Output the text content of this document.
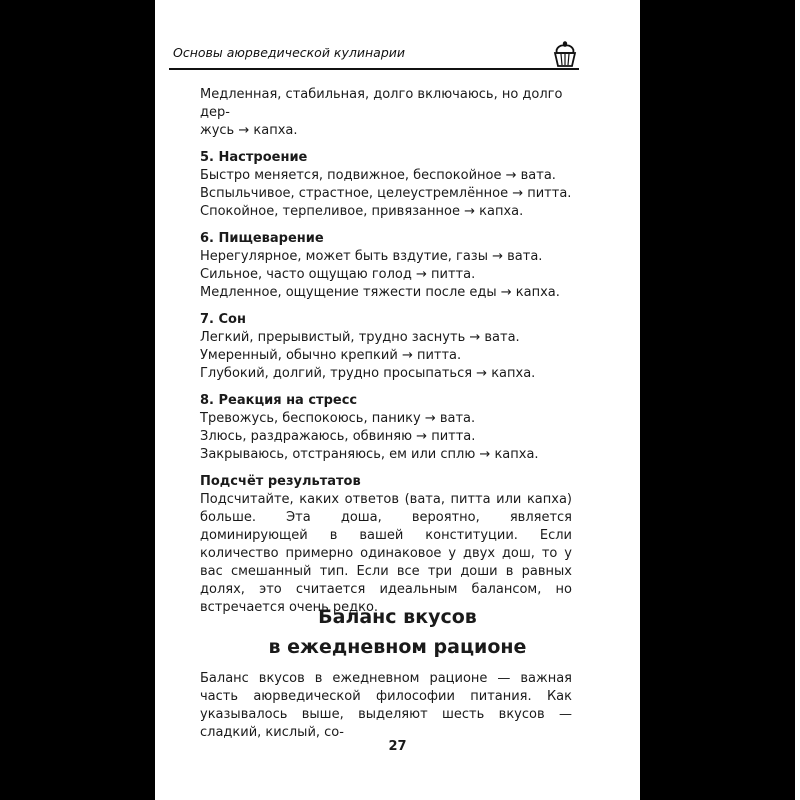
Основы аюрведической кулинарии

Медленная, стабильная, долго включаюсь, но долго дер-

жусь → капха.

5. Настроение

Быстро меняется, подвижное, беспокойное → вата.

Вспыльчивое, страстное, целеустремлённое → питта.

Спокойное, терпеливое, привязанное → капха.

6. Пищеварение

Нерегулярное, может быть вздутие, газы → вата.

Сильное, часто ощущаю голод → питта.

Медленное, ощущение тяжести после еды → капха.

7. Сон

Легкий, прерывистый, трудно заснуть → вата.

Умеренный, обычно крепкий → питта.

Глубокий, долгий, трудно просыпаться → капха.

8. Реакция на стресс

Тревожусь, беспокоюсь, панику → вата.

Злюсь, раздражаюсь, обвиняю → питта.

Закрываюсь, отстраняюсь, ем или сплю → капха.

Подсчёт результатов

Подсчитайте, каких ответов (вата, питта или капха) больше. Эта доша, вероятно, является доминирующей в вашей конституции. Если количество примерно одинаковое у двух дош, то у вас смешанный тип. Если все три доши в равных долях, это считается идеальным балансом, но встречается очень редко.

Баланс вкусов
в ежедневном рационе

Баланс вкусов в ежедневном рационе — важная часть аюрведической философии питания. Как указывалось выше, выделяют шесть вкусов — сладкий, кислый, со-

27
